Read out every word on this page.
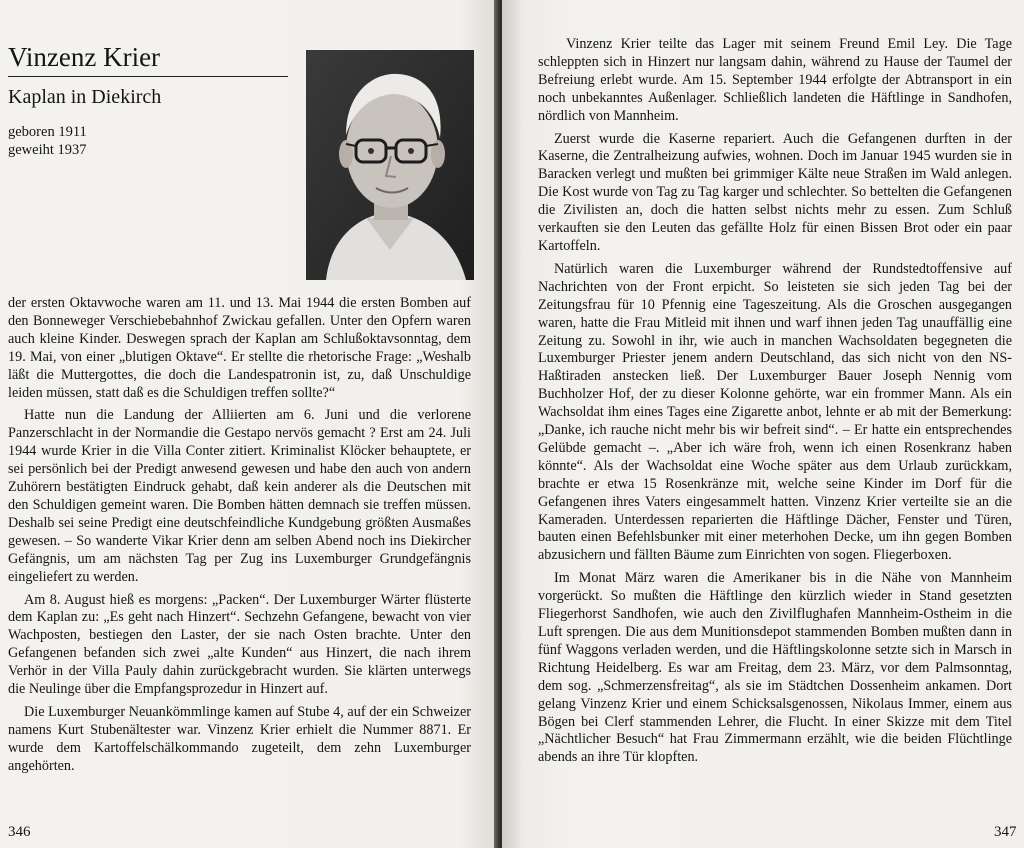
Vinzenz Krier
Kaplan in Diekirch
geboren 1911
geweiht 1937

der ersten Oktavwoche waren am 11. und 13. Mai 1944 die ersten Bomben auf den Bonneweger Verschiebebahnhof Zwickau gefallen. Unter den Opfern waren auch kleine Kinder. Deswegen sprach der Kaplan am Schlußoktavsonntag, dem 19. Mai, von einer „blutigen Oktave“. Er stellte die rhetorische Frage: „Weshalb läßt die Muttergottes, die doch die Landespatronin ist, zu, daß Unschuldige leiden müssen, statt daß es die Schuldigen treffen sollte?“

Hatte nun die Landung der Alliierten am 6. Juni und die verlorene Panzerschlacht in der Normandie die Gestapo nervös gemacht ? Erst am 24. Juli 1944 wurde Krier in die Villa Conter zitiert. Kriminalist Klöcker behauptete, er sei persönlich bei der Predigt anwesend gewesen und habe den auch von andern Zuhörern bestätigten Eindruck gehabt, daß kein anderer als die Deutschen mit den Schuldigen gemeint waren. Die Bomben hätten demnach sie treffen müssen. Deshalb sei seine Predigt eine deutschfeindliche Kundgebung größten Ausmaßes gewesen. – So wanderte Vikar Krier denn am selben Abend noch ins Diekircher Gefängnis, um am nächsten Tag per Zug ins Luxemburger Grundgefängnis eingeliefert zu werden.

Am 8. August hieß es morgens: „Packen“. Der Luxemburger Wärter flüsterte dem Kaplan zu: „Es geht nach Hinzert“. Sechzehn Gefangene, bewacht von vier Wachposten, bestiegen den Laster, der sie nach Osten brachte. Unter den Gefangenen befanden sich zwei „alte Kunden“ aus Hinzert, die nach ihrem Verhör in der Villa Pauly dahin zurückgebracht wurden. Sie klärten unterwegs die Neulinge über die Empfangsprozedur in Hinzert auf.

Die Luxemburger Neuankömmlinge kamen auf Stube 4, auf der ein Schweizer namens Kurt Stubenältester war. Vinzenz Krier erhielt die Nummer 8871. Er wurde dem Kartoffelschälkommando zugeteilt, dem zehn Luxemburger angehörten.

346	347

Vinzenz Krier teilte das Lager mit seinem Freund Emil Ley. Die Tage schleppten sich in Hinzert nur langsam dahin, während zu Hause der Taumel der Befreiung erlebt wurde. Am 15. September 1944 erfolgte der Abtransport in ein noch unbekanntes Außenlager. Schließlich landeten die Häftlinge in Sandhofen, nördlich von Mannheim.

Zuerst wurde die Kaserne repariert. Auch die Gefangenen durften in der Kaserne, die Zentralheizung aufwies, wohnen. Doch im Januar 1945 wurden sie in Baracken verlegt und mußten bei grimmiger Kälte neue Straßen im Wald anlegen. Die Kost wurde von Tag zu Tag karger und schlechter. So bettelten die Gefangenen die Zivilisten an, doch die hatten selbst nichts mehr zu essen. Zum Schluß verkauften sie den Leuten das gefällte Holz für einen Bissen Brot oder ein paar Kartoffeln.

Natürlich waren die Luxemburger während der Rundstedtoffensive auf Nachrichten von der Front erpicht. So leisteten sie sich jeden Tag bei der Zeitungsfrau für 10 Pfennig eine Tageszeitung. Als die Groschen ausgegangen waren, hatte die Frau Mitleid mit ihnen und warf ihnen jeden Tag unauffällig eine Zeitung zu. Sowohl in ihr, wie auch in manchen Wachsoldaten begegneten die Luxemburger Priester jenem andern Deutschland, das sich nicht von den NS-Haßtiraden anstecken ließ. Der Luxemburger Bauer Joseph Nennig vom Buchholzer Hof, der zu dieser Kolonne gehörte, war ein frommer Mann. Als ein Wachsoldat ihm eines Tages eine Zigarette anbot, lehnte er ab mit der Bemerkung: „Danke, ich rauche nicht mehr bis wir befreit sind“. – Er hatte ein entsprechendes Gelübde gemacht –. „Aber ich wäre froh, wenn ich einen Rosenkranz haben könnte“. Als der Wachsoldat eine Woche später aus dem Urlaub zurückkam, brachte er etwa 15 Rosenkränze mit, welche seine Kinder im Dorf für die Gefangenen ihres Vaters eingesammelt hatten. Vinzenz Krier verteilte sie an die Kameraden. Unterdessen reparierten die Häftlinge Dächer, Fenster und Türen, bauten einen Befehlsbunker mit einer meterhohen Decke, um ihn gegen Bomben abzusichern und fällten Bäume zum Einrichten von sogen. Fliegerboxen.

Im Monat März waren die Amerikaner bis in die Nähe von Mannheim vorgerückt. So mußten die Häftlinge den kürzlich wieder in Stand gesetzten Fliegerhorst Sandhofen, wie auch den Zivilflughafen Mannheim-Ostheim in die Luft sprengen. Die aus dem Munitionsdepot stammenden Bomben mußten dann in fünf Waggons verladen werden, und die Häftlingskolonne setzte sich in Marsch in Richtung Heidelberg. Es war am Freitag, dem 23. März, vor dem Palmsonntag, dem sog. „Schmerzensfreitag“, als sie im Städtchen Dossenheim ankamen. Dort gelang Vinzenz Krier und einem Schicksalsgenossen, Nikolaus Immer, einem aus Bögen bei Clerf stammenden Lehrer, die Flucht. In einer Skizze mit dem Titel „Nächtlicher Besuch“ hat Frau Zimmermann erzählt, wie die beiden Flüchtlinge abends an ihre Tür klopften.
